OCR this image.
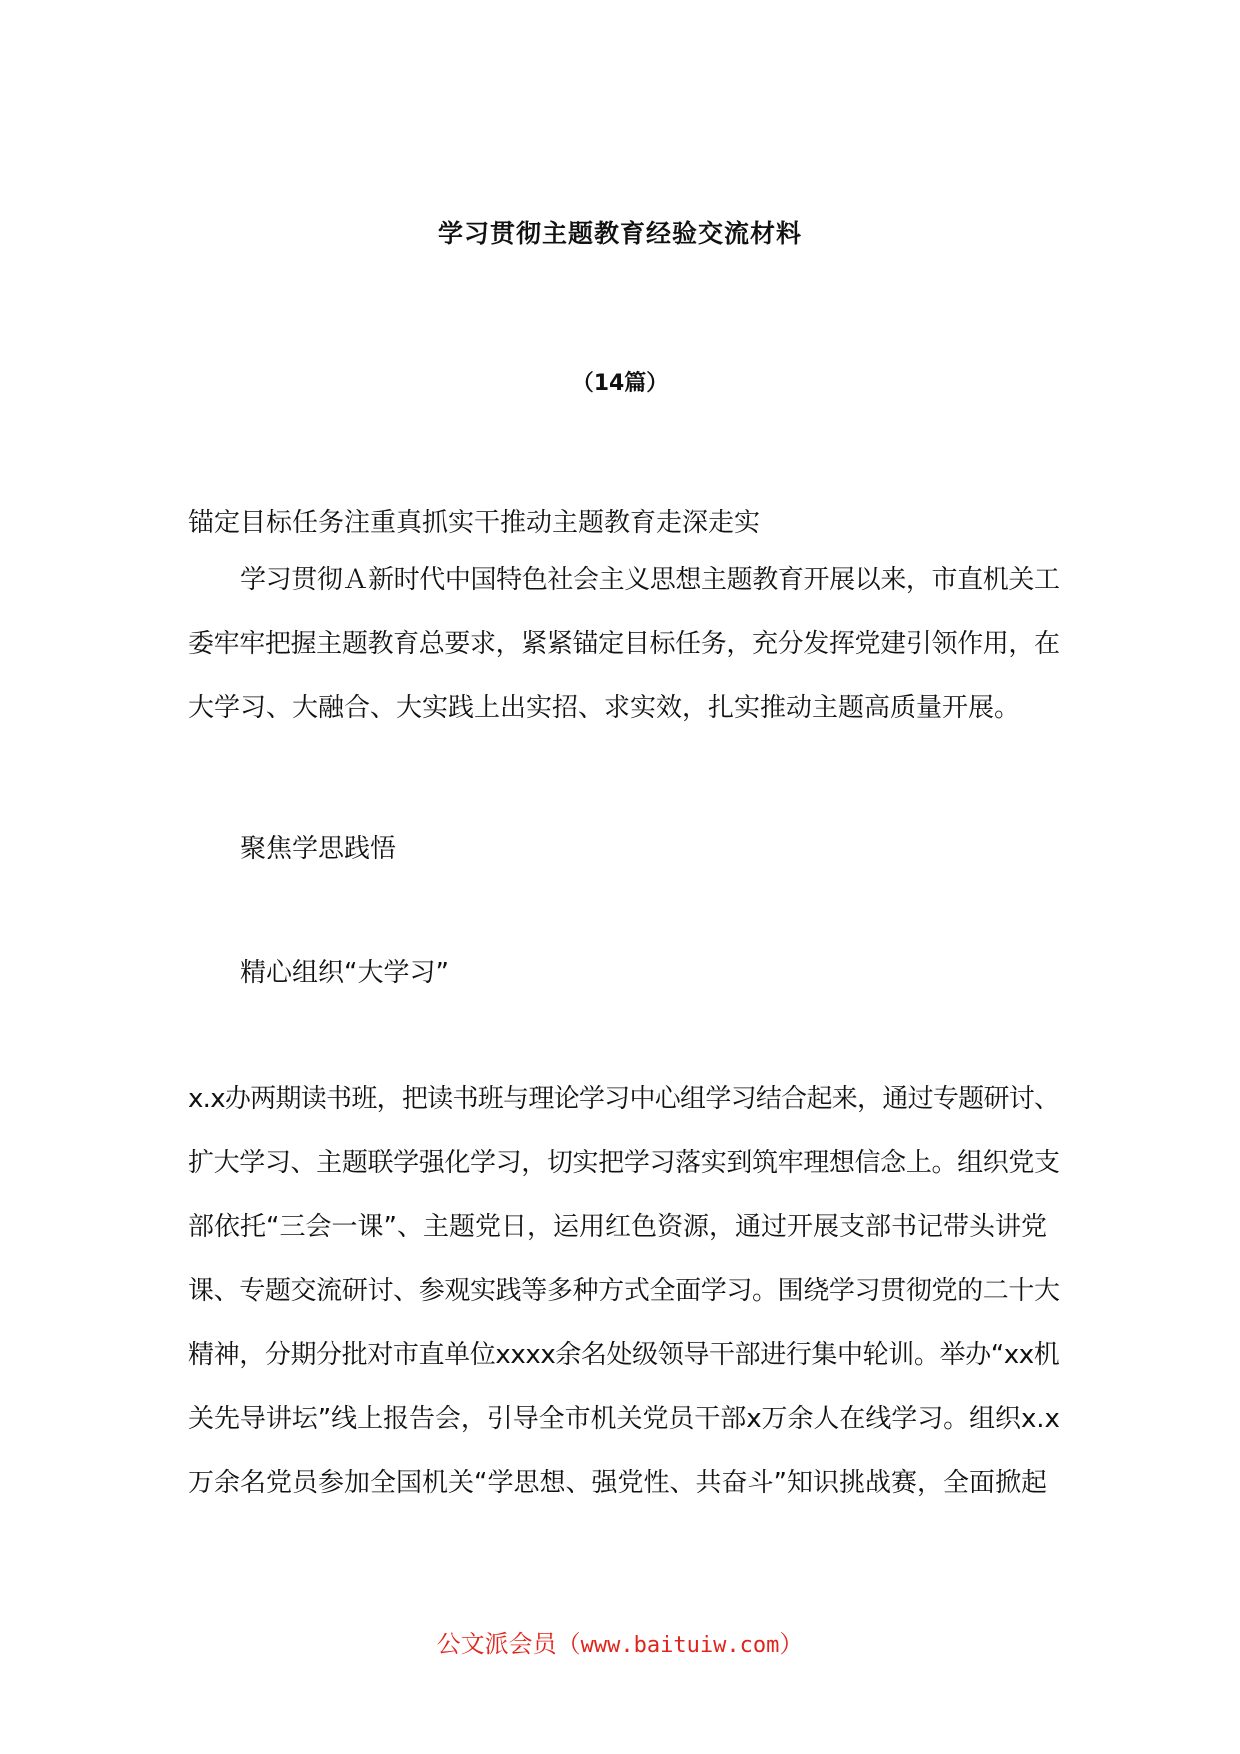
学习贯彻主题教育经验交流材料
（14篇）
锚定目标任务注重真抓实干推动主题教育走深走实
学习贯彻Ａ新时代中国特色社会主义思想主题教育开展以来，市直机关工
委牢牢把握主题教育总要求，紧紧锚定目标任务，充分发挥党建引领作用，在
大学习、大融合、大实践上出实招、求实效，扎实推动主题高质量开展。
聚焦学思践悟
精心组织“大学习”
x.x办两期读书班，把读书班与理论学习中心组学习结合起来，通过专题研讨、
扩大学习、主题联学强化学习，切实把学习落实到筑牢理想信念上。组织党支
部依托“三会一课”、主题党日，运用红色资源，通过开展支部书记带头讲党
课、专题交流研讨、参观实践等多种方式全面学习。围绕学习贯彻党的二十大
精神，分期分批对市直单位xxxx余名处级领导干部进行集中轮训。举办“xx机
关先导讲坛”线上报告会，引导全市机关党员干部x万余人在线学习。组织x.x
万余名党员参加全国机关“学思想、强党性、共奋斗”知识挑战赛，全面掀起
公文派会员（www.baituiw.com）
